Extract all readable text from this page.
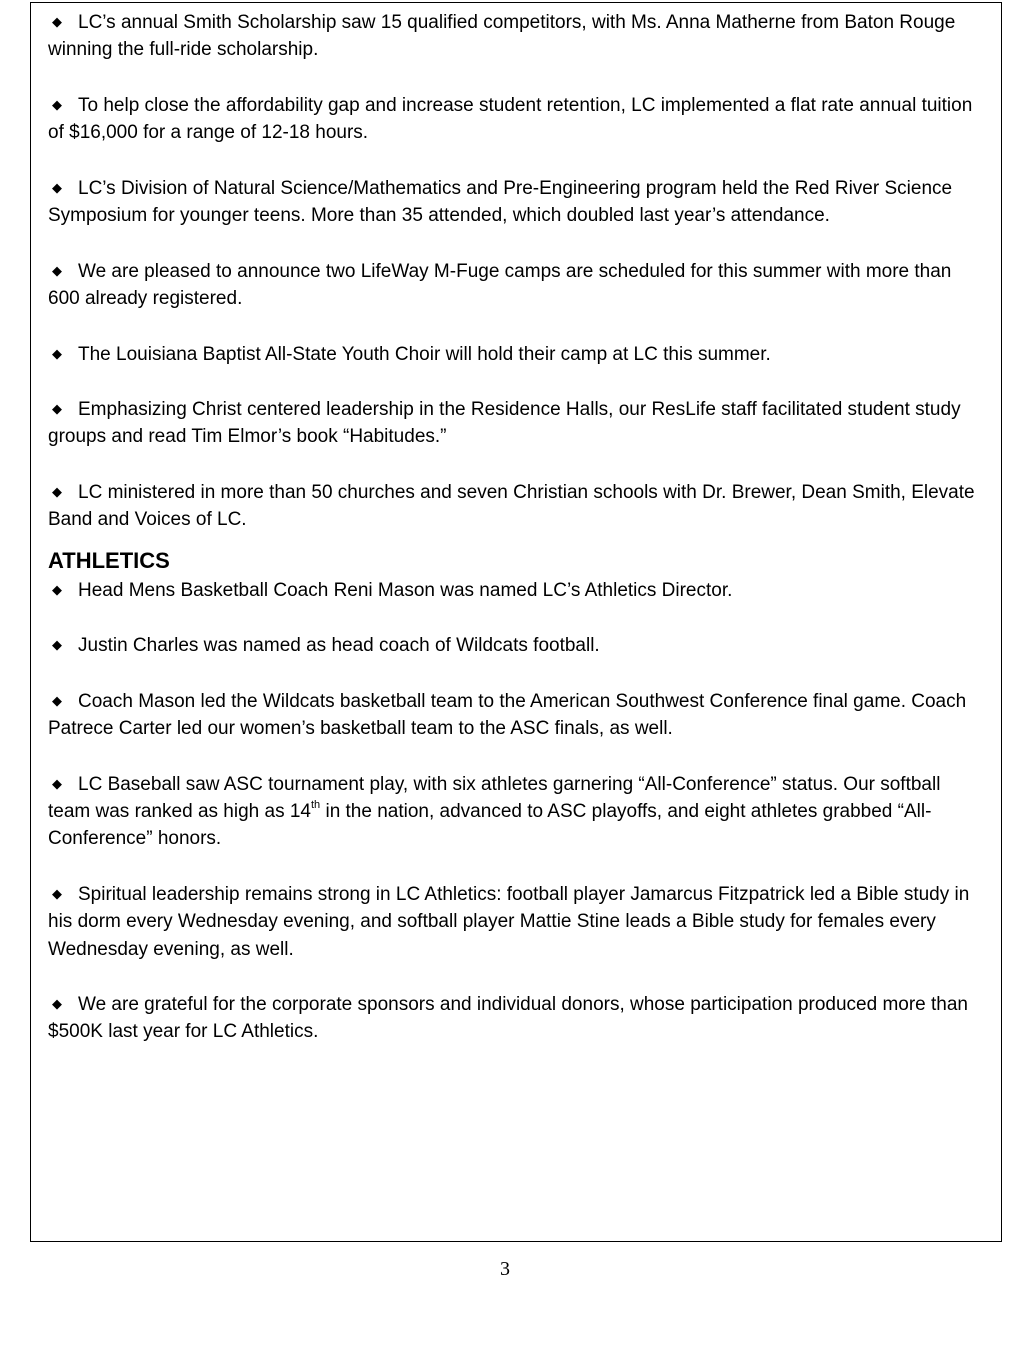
◆ LC’s annual Smith Scholarship saw 15 qualified competitors, with Ms. Anna Matherne from Baton Rouge winning the full-ride scholarship.

◆ To help close the affordability gap and increase student retention, LC implemented a flat rate annual tuition of $16,000 for a range of 12-18 hours.

◆ LC’s Division of Natural Science/Mathematics and Pre-Engineering program held the Red River Science Symposium for younger teens. More than 35 attended, which doubled last year’s attendance.

◆ We are pleased to announce two LifeWay M-Fuge camps are scheduled for this summer with more than 600 already registered.

◆ The Louisiana Baptist All-State Youth Choir will hold their camp at LC this summer.

◆ Emphasizing Christ centered leadership in the Residence Halls, our ResLife staff facilitated student study groups and read Tim Elmor’s book “Habitudes.”

◆ LC ministered in more than 50 churches and seven Christian schools with Dr. Brewer, Dean Smith, Elevate Band and Voices of LC.

ATHLETICS

◆ Head Mens Basketball Coach Reni Mason was named LC’s Athletics Director.

◆ Justin Charles was named as head coach of Wildcats football.

◆ Coach Mason led the Wildcats basketball team to the American Southwest Conference final game. Coach Patrece Carter led our women’s basketball team to the ASC finals, as well.

◆ LC Baseball saw ASC tournament play, with six athletes garnering “All-Conference” status. Our softball team was ranked as high as 14th in the nation, advanced to ASC playoffs, and eight athletes grabbed “All-Conference” honors.

◆ Spiritual leadership remains strong in LC Athletics: football player Jamarcus Fitzpatrick led a Bible study in his dorm every Wednesday evening, and softball player Mattie Stine leads a Bible study for females every Wednesday evening, as well.

◆ We are grateful for the corporate sponsors and individual donors, whose participation produced more than $500K last year for LC Athletics.

3
